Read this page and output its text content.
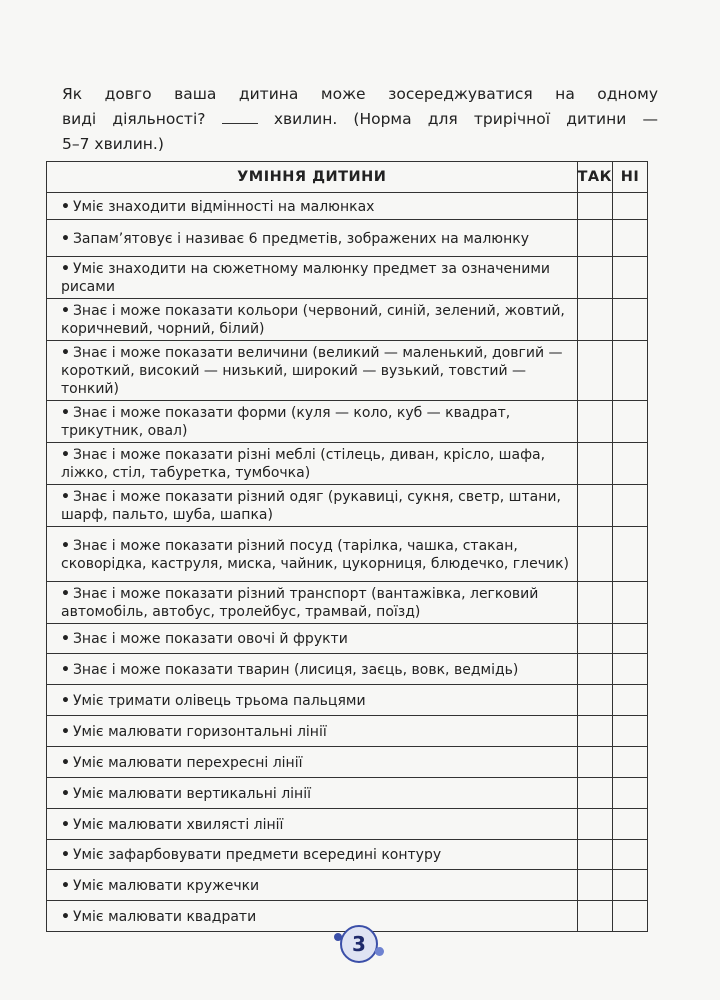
Як довго ваша дитина може зосереджуватися на одному
виді діяльності?	хвилин. (Норма для трирічної дитини —
5–7 хвилин.)
УМІННЯ ДИТИНИ	ТАК	НІ
• Уміє знаходити відмінності на малюнках		
• Запам’ятовує і називає 6 предметів, зображених на малюнку		
• Уміє знаходити на сюжетному малюнку предмет за означеними рисами		
• Знає і може показати кольори (червоний, синій, зелений, жовтий, коричневий, чорний, білий)		
• Знає і може показати величини (великий — маленький, довгий — короткий, високий — низький, широкий — вузький, товстий — тонкий)		
• Знає і може показати форми (куля — коло, куб — квадрат, трикутник, овал)		
• Знає і може показати різні меблі (стілець, диван, крісло, шафа, ліжко, стіл, табуретка, тумбочка)		
• Знає і може показати різний одяг (рукавиці, сукня, светр, штани, шарф, пальто, шуба, шапка)		
• Знає і може показати різний посуд (тарілка, чашка, стакан, сковорідка, каструля, миска, чайник, цукорниця, блюдечко, глечик)		
• Знає і може показати різний транспорт (вантажівка, легковий автомобіль, автобус, тролейбус, трамвай, поїзд)		
• Знає і може показати овочі й фрукти		
• Знає і може показати тварин (лисиця, заєць, вовк, ведмідь)		
• Уміє тримати олівець трьома пальцями		
• Уміє малювати горизонтальні лінії		
• Уміє малювати перехресні лінії		
• Уміє малювати вертикальні лінії		
• Уміє малювати хвилясті лінії		
• Уміє зафарбовувати предмети всередині контуру		
• Уміє малювати кружечки		
• Уміє малювати квадрати		
3
